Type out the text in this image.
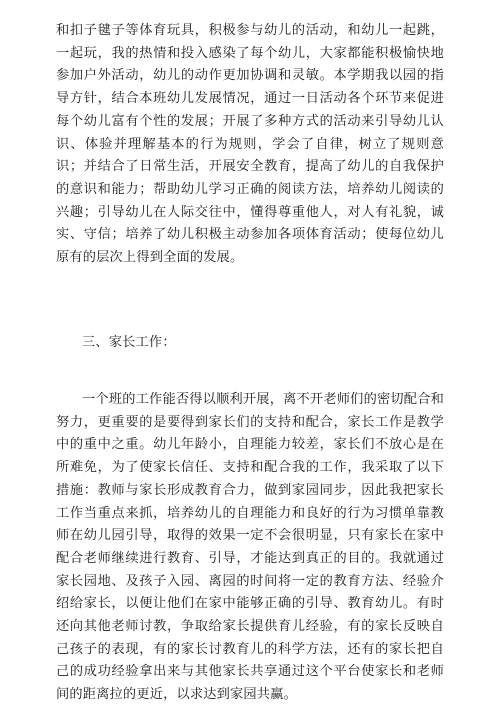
和扣子毽子等体育玩具，积极参与幼儿的活动，和幼儿一起跳，一起玩，我的热情和投入感染了每个幼儿，大家都能积极愉快地参加户外活动，幼儿的动作更加协调和灵敏。本学期我以园的指导方针，结合本班幼儿发展情况，通过一日活动各个环节来促进每个幼儿富有个性的发展；开展了多种方式的活动来引导幼儿认识、体验并理解基本的行为规则，学会了自律，树立了规则意识；并结合了日常生活，开展安全教育，提高了幼儿的自我保护的意识和能力；帮助幼儿学习正确的阅读方法，培养幼儿阅读的兴趣；引导幼儿在人际交往中，懂得尊重他人，对人有礼貌，诚实、守信；培养了幼儿积极主动参加各项体育活动；使每位幼儿原有的层次上得到全面的发展。

三、家长工作：

一个班的工作能否得以顺利开展，离不开老师们的密切配合和努力，更重要的是要得到家长们的支持和配合，家长工作是教学中的重中之重。幼儿年龄小，自理能力较差，家长们不放心是在所难免，为了使家长信任、支持和配合我的工作，我采取了以下措施：教师与家长形成教育合力，做到家园同步，因此我把家长工作当重点来抓，培养幼儿的自理能力和良好的行为习惯单靠教师在幼儿园引导，取得的效果一定不会很明显，只有家长在家中配合老师继续进行教育、引导，才能达到真正的目的。我就通过家长园地、及孩子入园、离园的时间将一定的教育方法、经验介绍给家长，以便让他们在家中能够正确的引导、教育幼儿。有时还向其他老师讨教，争取给家长提供育儿经验，有的家长反映自己孩子的表现，有的家长讨教育儿的科学方法，还有的家长把自己的成功经验拿出来与其他家长共享通过这个平台使家长和老师间的距离拉的更近，以求达到家园共赢。
